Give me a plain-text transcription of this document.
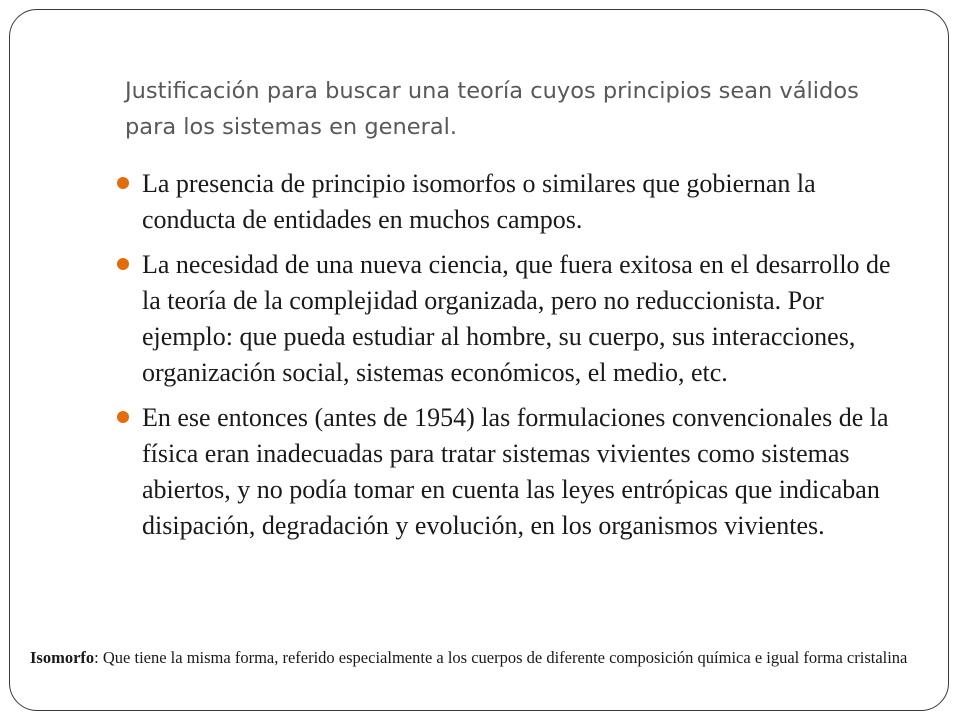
Justificación para buscar una teoría cuyos principios sean válidos para los sistemas en general.
La presencia de principio isomorfos o similares que gobiernan la conducta de entidades en muchos campos.
La necesidad de una nueva ciencia, que fuera exitosa en el desarrollo de la teoría de la complejidad organizada, pero no reduccionista. Por ejemplo: que pueda estudiar al hombre, su cuerpo, sus interacciones, organización social, sistemas económicos, el medio, etc.
En ese entonces (antes de 1954) las formulaciones convencionales de la física eran inadecuadas para tratar sistemas vivientes como sistemas abiertos, y no podía tomar en cuenta las leyes entrópicas que indicaban disipación, degradación y evolución, en los organismos vivientes.

Isomorfo: Que tiene la misma forma, referido especialmente a los cuerpos de diferente composición química e igual forma cristalina
